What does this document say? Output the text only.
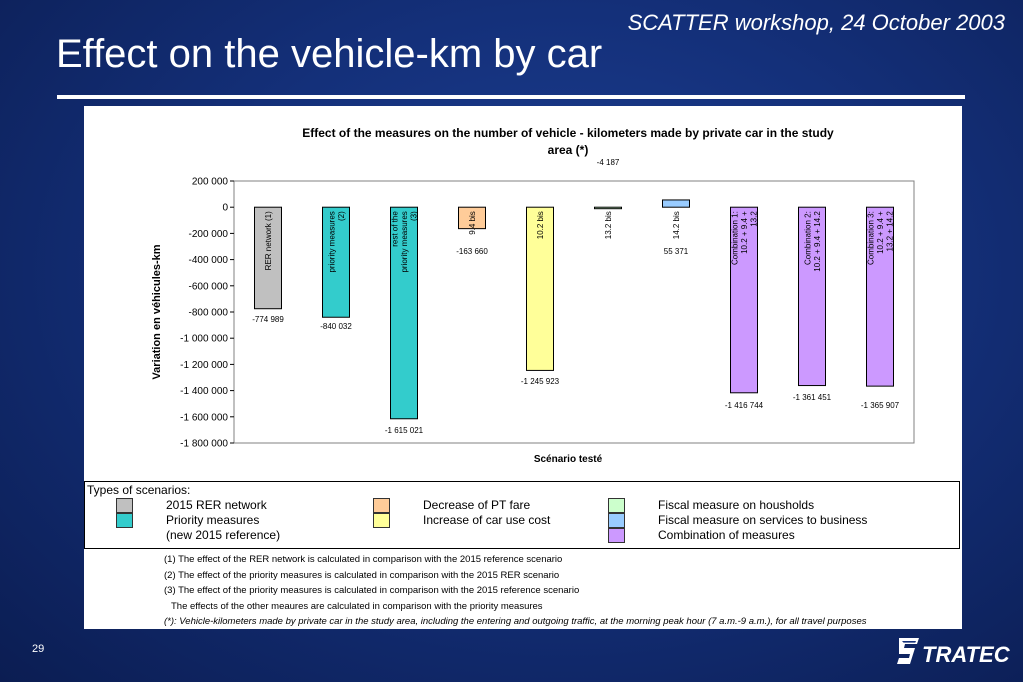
SCATTER workshop, 24 October 2003
Effect on the vehicle-km by car
200 000
0
-200 000
-400 000
-600 000
-800 000
-1 000 000
-1 200 000
-1 400 000
-1 600 000
-1 800 000
Effect of the measures on the number of vehicle - kilometers made by private car in the study area (*)
Scénario testé
Variation en véhicules-km	-774 989
RER network (1)
-840 032
priority measures (2)
-1 615 021
rest of the priority measures (3)
-163 660
9.4 bis
-1 245 923
10.2 bis
-4 187
13.2 bis
55 371
14.2 bis
-1 416 744
Combination 1: 10.2 + 9.4 + 13.2
-1 361 451
Combination 2: 10.2 + 9.4 + 14.2
-1 365 907
Combination 3: 10.2 + 9.4 + 13.2 + 14.2
Types of scenarios:
2015 RER network
Priority measures
(new 2015 reference)
Decrease of PT fare
Increase of car use cost
Fiscal measure on housholds
Fiscal measure on services to business
Combination of measures
(1) The effect of the RER network is calculated in comparison with the 2015 reference scenario
(2) The effect of the priority measures is calculated in comparison with the 2015 RER scenario
(3) The effect of the priority measures is calculated in comparison with the 2015 reference scenario
The effects of the other meaures are calculated in comparison with the priority measures
(*): Vehicle-kilometers made by private car in the study area, including the entering and outgoing traffic, at the morning peak hour (7 a.m.-9 a.m.), for all travel purposes
29	TRATEC
